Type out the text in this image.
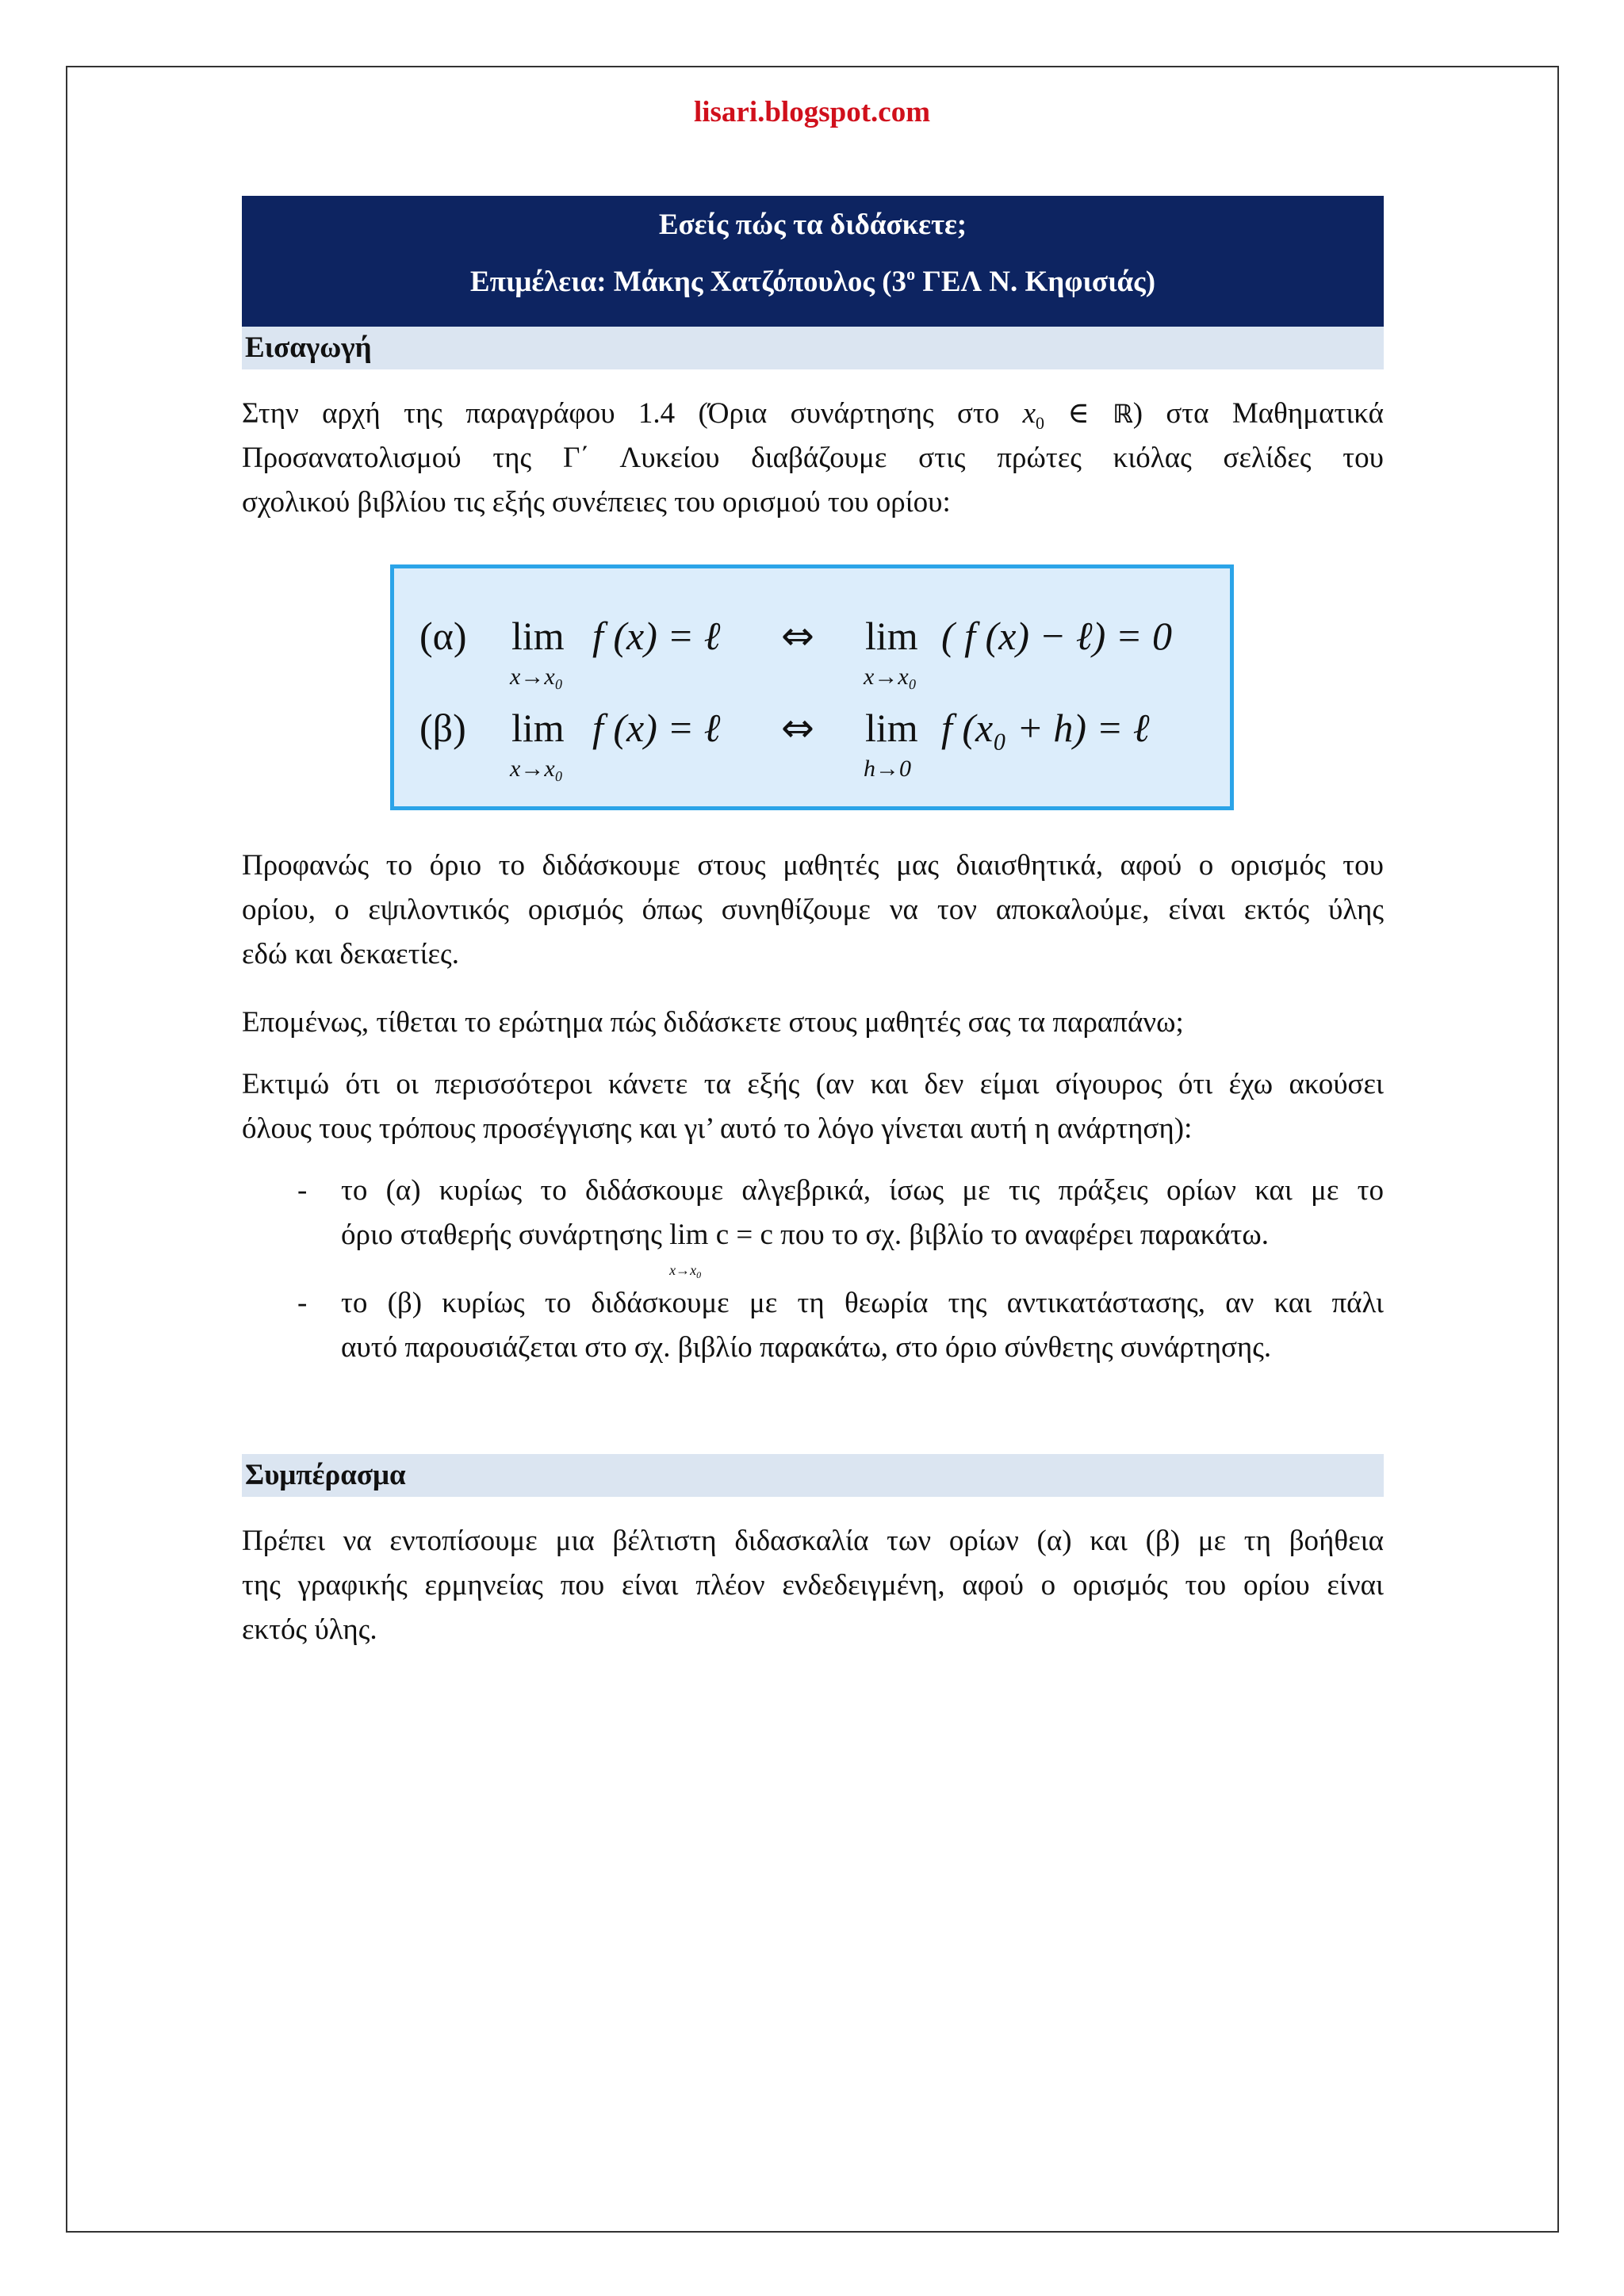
lisari.blogspot.com
Εσείς πώς τα διδάσκετε;
Επιμέλεια: Μάκης Χατζόπουλος ($3^o$ ΓΕΛ Ν. Κηφισιάς)
Εισαγωγή
Στην αρχή της παραγράφου 1.4 (Όρια συνάρτησης στο $x_0$ ∈ ℝ) στα Μαθηματικά
Προσανατολισμού της Γ΄ Λυκείου διαβάζουμε στις πρώτες κιόλας σελίδες του
σχολικού βιβλίου τις εξής συνέπειες του ορισμού του ορίου:
(α) lim
x→x₀
f (x) = ℓ ⇔ lim
x→x₀
( f (x) − ℓ) = 0
(β) lim
x→x₀
f (x) = ℓ ⇔ lim
h→0
f (x₀ + h) = ℓ
Προφανώς το όριο το διδάσκουμε στους μαθητές μας διαισθητικά, αφού ο ορισμός του
ορίου, ο εψιλοντικός ορισμός όπως συνηθίζουμε να τον αποκαλούμε, είναι εκτός ύλης
εδώ και δεκαετίες.
Επομένως, τίθεται το ερώτημα πώς διδάσκετε στους μαθητές σας τα παραπάνω;
Εκτιμώ ότι οι περισσότεροι κάνετε τα εξής (αν και δεν είμαι σίγουρος ότι έχω ακούσει
όλους τους τρόπους προσέγγισης και γι’ αυτό το λόγο γίνεται αυτή η ανάρτηση):
- το (α) κυρίως το διδάσκουμε αλγεβρικά, ίσως με τις πράξεις ορίων και με το
όριο σταθερής συνάρτησης lim c = c
$x\to x_0$
που το σχ. βιβλίο το αναφέρει παρακάτω.
- το (β) κυρίως το διδάσκουμε με τη θεωρία της αντικατάστασης, αν και πάλι
αυτό παρουσιάζεται στο σχ. βιβλίο παρακάτω, στο όριο σύνθετης συνάρτησης.
Συμπέρασμα
Πρέπει να εντοπίσουμε μια βέλτιστη διδασκαλία των ορίων (α) και (β) με τη βοήθεια
της γραφικής ερμηνείας που είναι πλέον ενδεδειγμένη, αφού ο ορισμός του ορίου είναι
εκτός ύλης.
